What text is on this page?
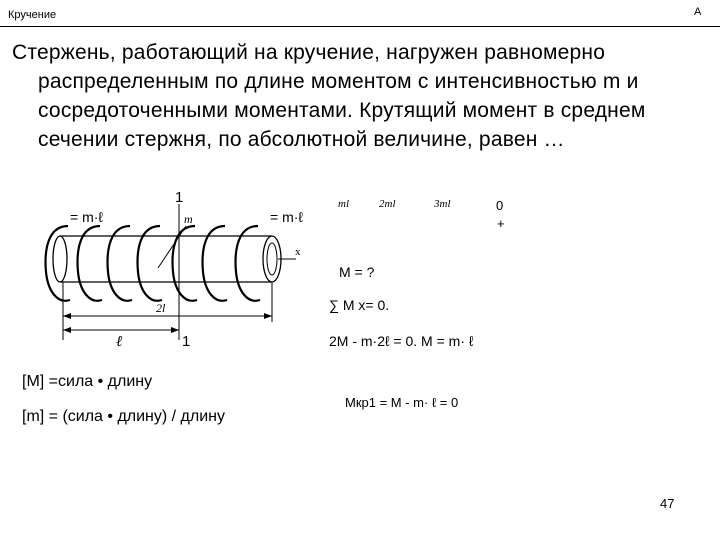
Кручение	А
Стержень, работающий на кручение, нагружен равномерно распределенным по длине моментом с интенсивностью m и сосредоточенными моментами. Крутящий момент в среднем сечении стержня, по абсолютной величине, равен …
1
= m·ℓ	= m·ℓ
m
x
2l
ℓ	1
ml	2ml	3ml	0
+
M = ?
∑ M x= 0.
2M - m·2ℓ = 0. M = m· ℓ
Мкр1 = M - m· ℓ = 0
[M] =сила • длину
[m] = (сила • длину) / длину
47
